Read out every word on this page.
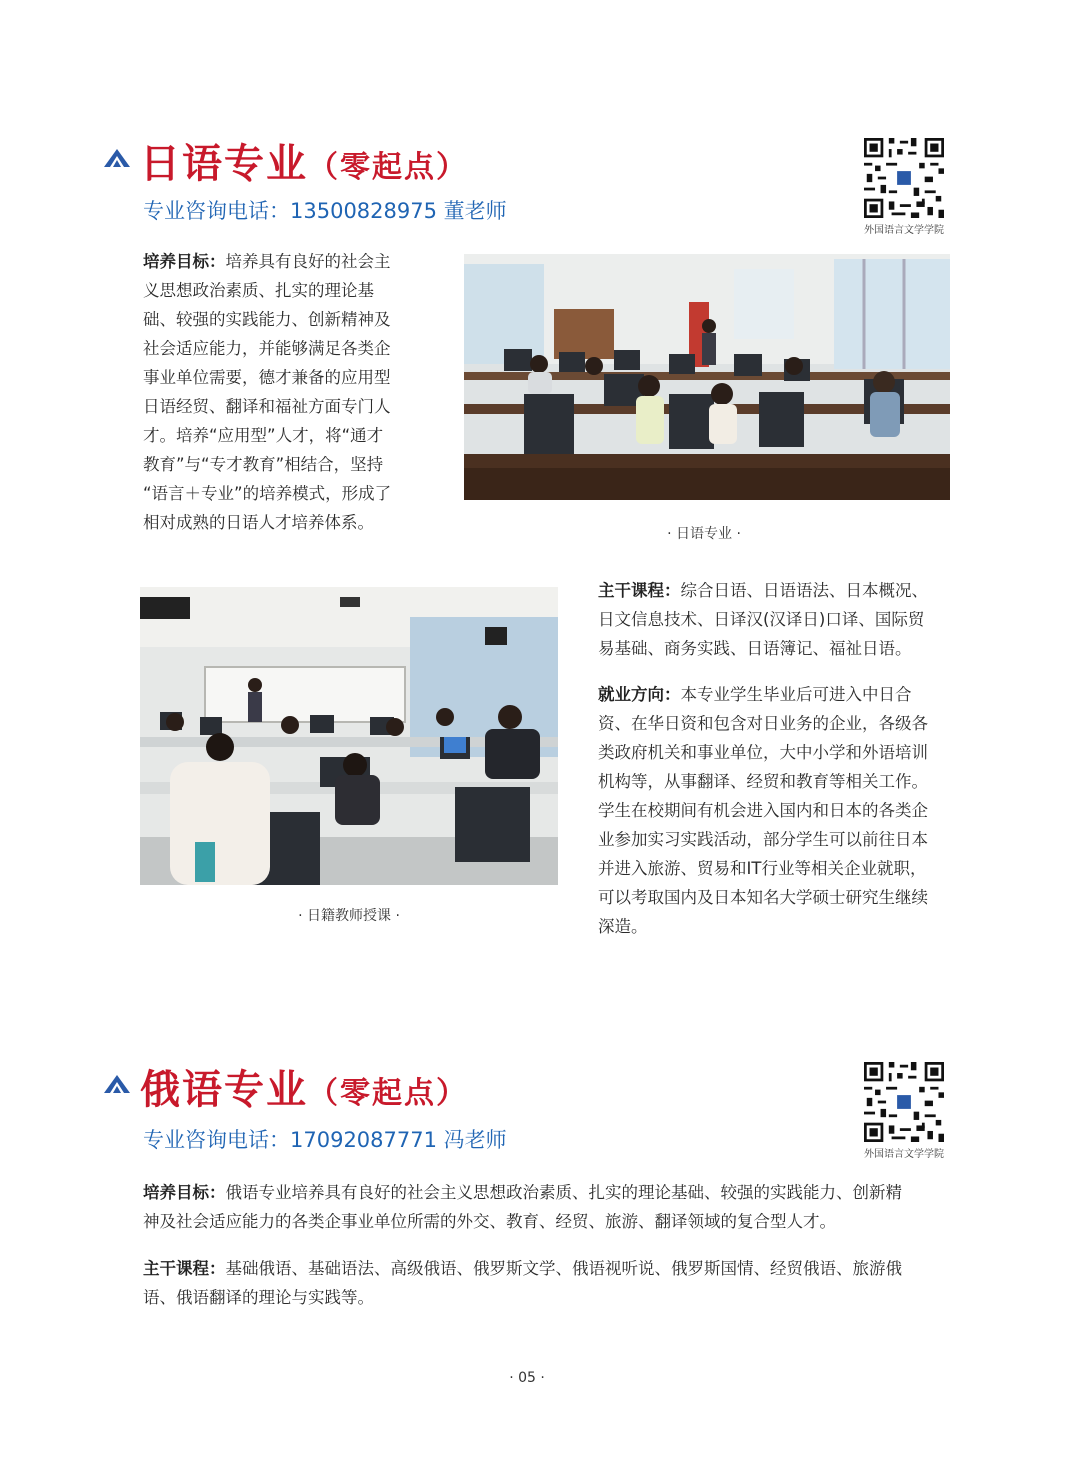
日语专业（零起点）
专业咨询电话：13500828975 董老师
外国语言文学学院
培养目标：培养具有良好的社会主
义思想政治素质、扎实的理论基
础、较强的实践能力、创新精神及
社会适应能力，并能够满足各类企
事业单位需要，德才兼备的应用型
日语经贸、翻译和福祉方面专门人
才。培养“应用型”人才，将“通才
教育”与“专才教育”相结合，坚持
“语言＋专业”的培养模式，形成了
相对成熟的日语人才培养体系。
· 日语专业 ·
· 日籍教师授课 ·
主干课程：综合日语、日语语法、日本概况、
日文信息技术、日译汉(汉译日)口译、国际贸
易基础、商务实践、日语簿记、福祉日语。
就业方向：本专业学生毕业后可进入中日合
资、在华日资和包含对日业务的企业，各级各
类政府机关和事业单位，大中小学和外语培训
机构等，从事翻译、经贸和教育等相关工作。
学生在校期间有机会进入国内和日本的各类企
业参加实习实践活动，部分学生可以前往日本
并进入旅游、贸易和IT行业等相关企业就职，
可以考取国内及日本知名大学硕士研究生继续
深造。
俄语专业（零起点）
专业咨询电话：17092087771 冯老师
外国语言文学学院
培养目标：俄语专业培养具有良好的社会主义思想政治素质、扎实的理论基础、较强的实践能力、创新精
神及社会适应能力的各类企事业单位所需的外交、教育、经贸、旅游、翻译领域的复合型人才。
主干课程：基础俄语、基础语法、高级俄语、俄罗斯文学、俄语视听说、俄罗斯国情、经贸俄语、旅游俄
语、俄语翻译的理论与实践等。
· 05 ·
